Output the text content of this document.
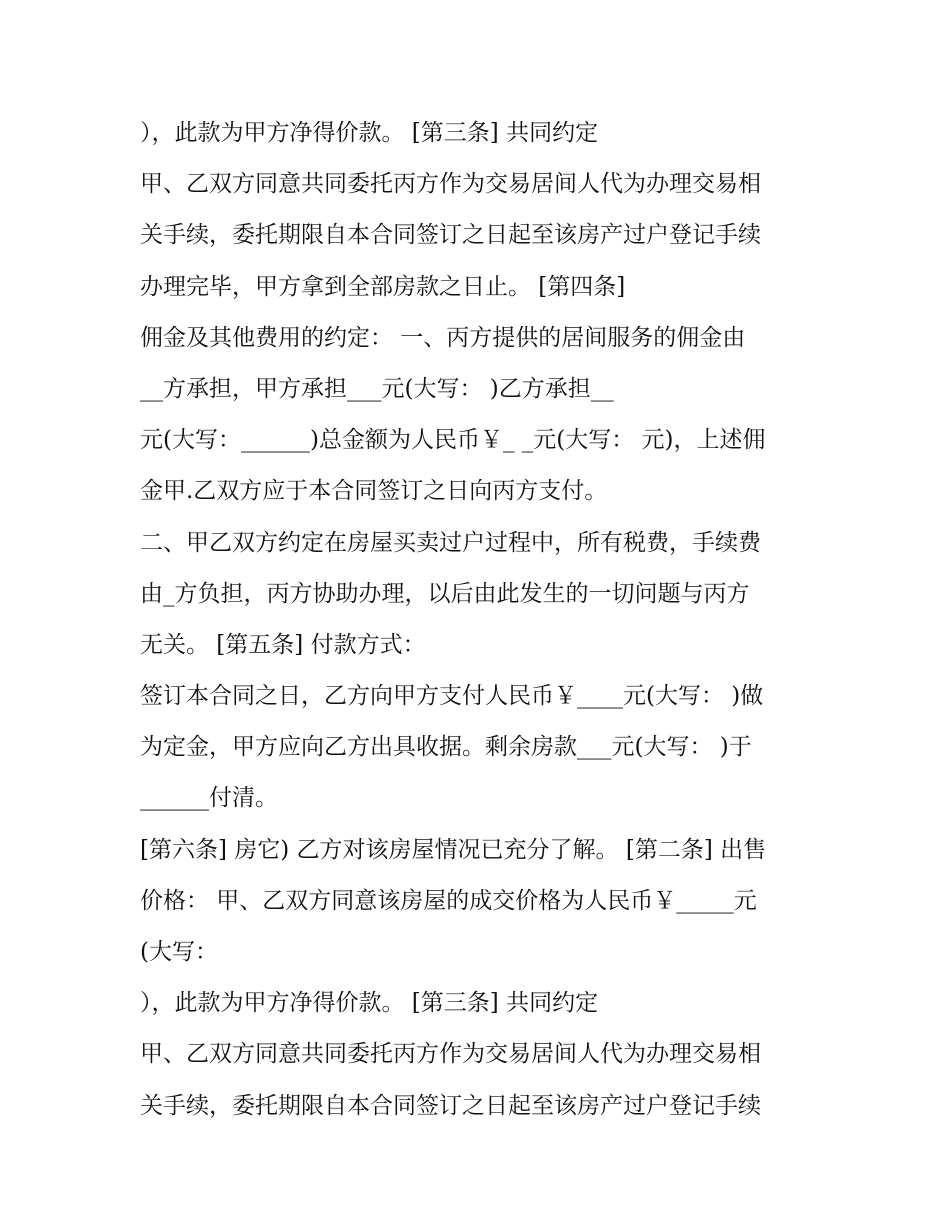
），此款为甲方净得价款。 [第三条] 共同约定
甲、乙双方同意共同委托丙方作为交易居间人代为办理交易相
关手续，委托期限自本合同签订之日起至该房产过户登记手续
办理完毕，甲方拿到全部房款之日止。 [第四条]
佣金及其他费用的约定： 一、丙方提供的居间服务的佣金由
__方承担，甲方承担___元(大写： )乙方承担__
元(大写：______)总金额为人民币￥_ _元(大写： 元)，上述佣
金甲.乙双方应于本合同签订之日向丙方支付。
二、甲乙双方约定在房屋买卖过户过程中，所有税费，手续费
由_方负担，丙方协助办理，以后由此发生的一切问题与丙方
无关。 [第五条] 付款方式：
签订本合同之日，乙方向甲方支付人民币￥____元(大写： )做
为定金，甲方应向乙方出具收据。剩余房款___元(大写： )于
______付清。
[第六条] 房它) 乙方对该房屋情况已充分了解。 [第二条] 出售
价格： 甲、乙双方同意该房屋的成交价格为人民币￥_____元
(大写：
），此款为甲方净得价款。 [第三条] 共同约定
甲、乙双方同意共同委托丙方作为交易居间人代为办理交易相
关手续，委托期限自本合同签订之日起至该房产过户登记手续
